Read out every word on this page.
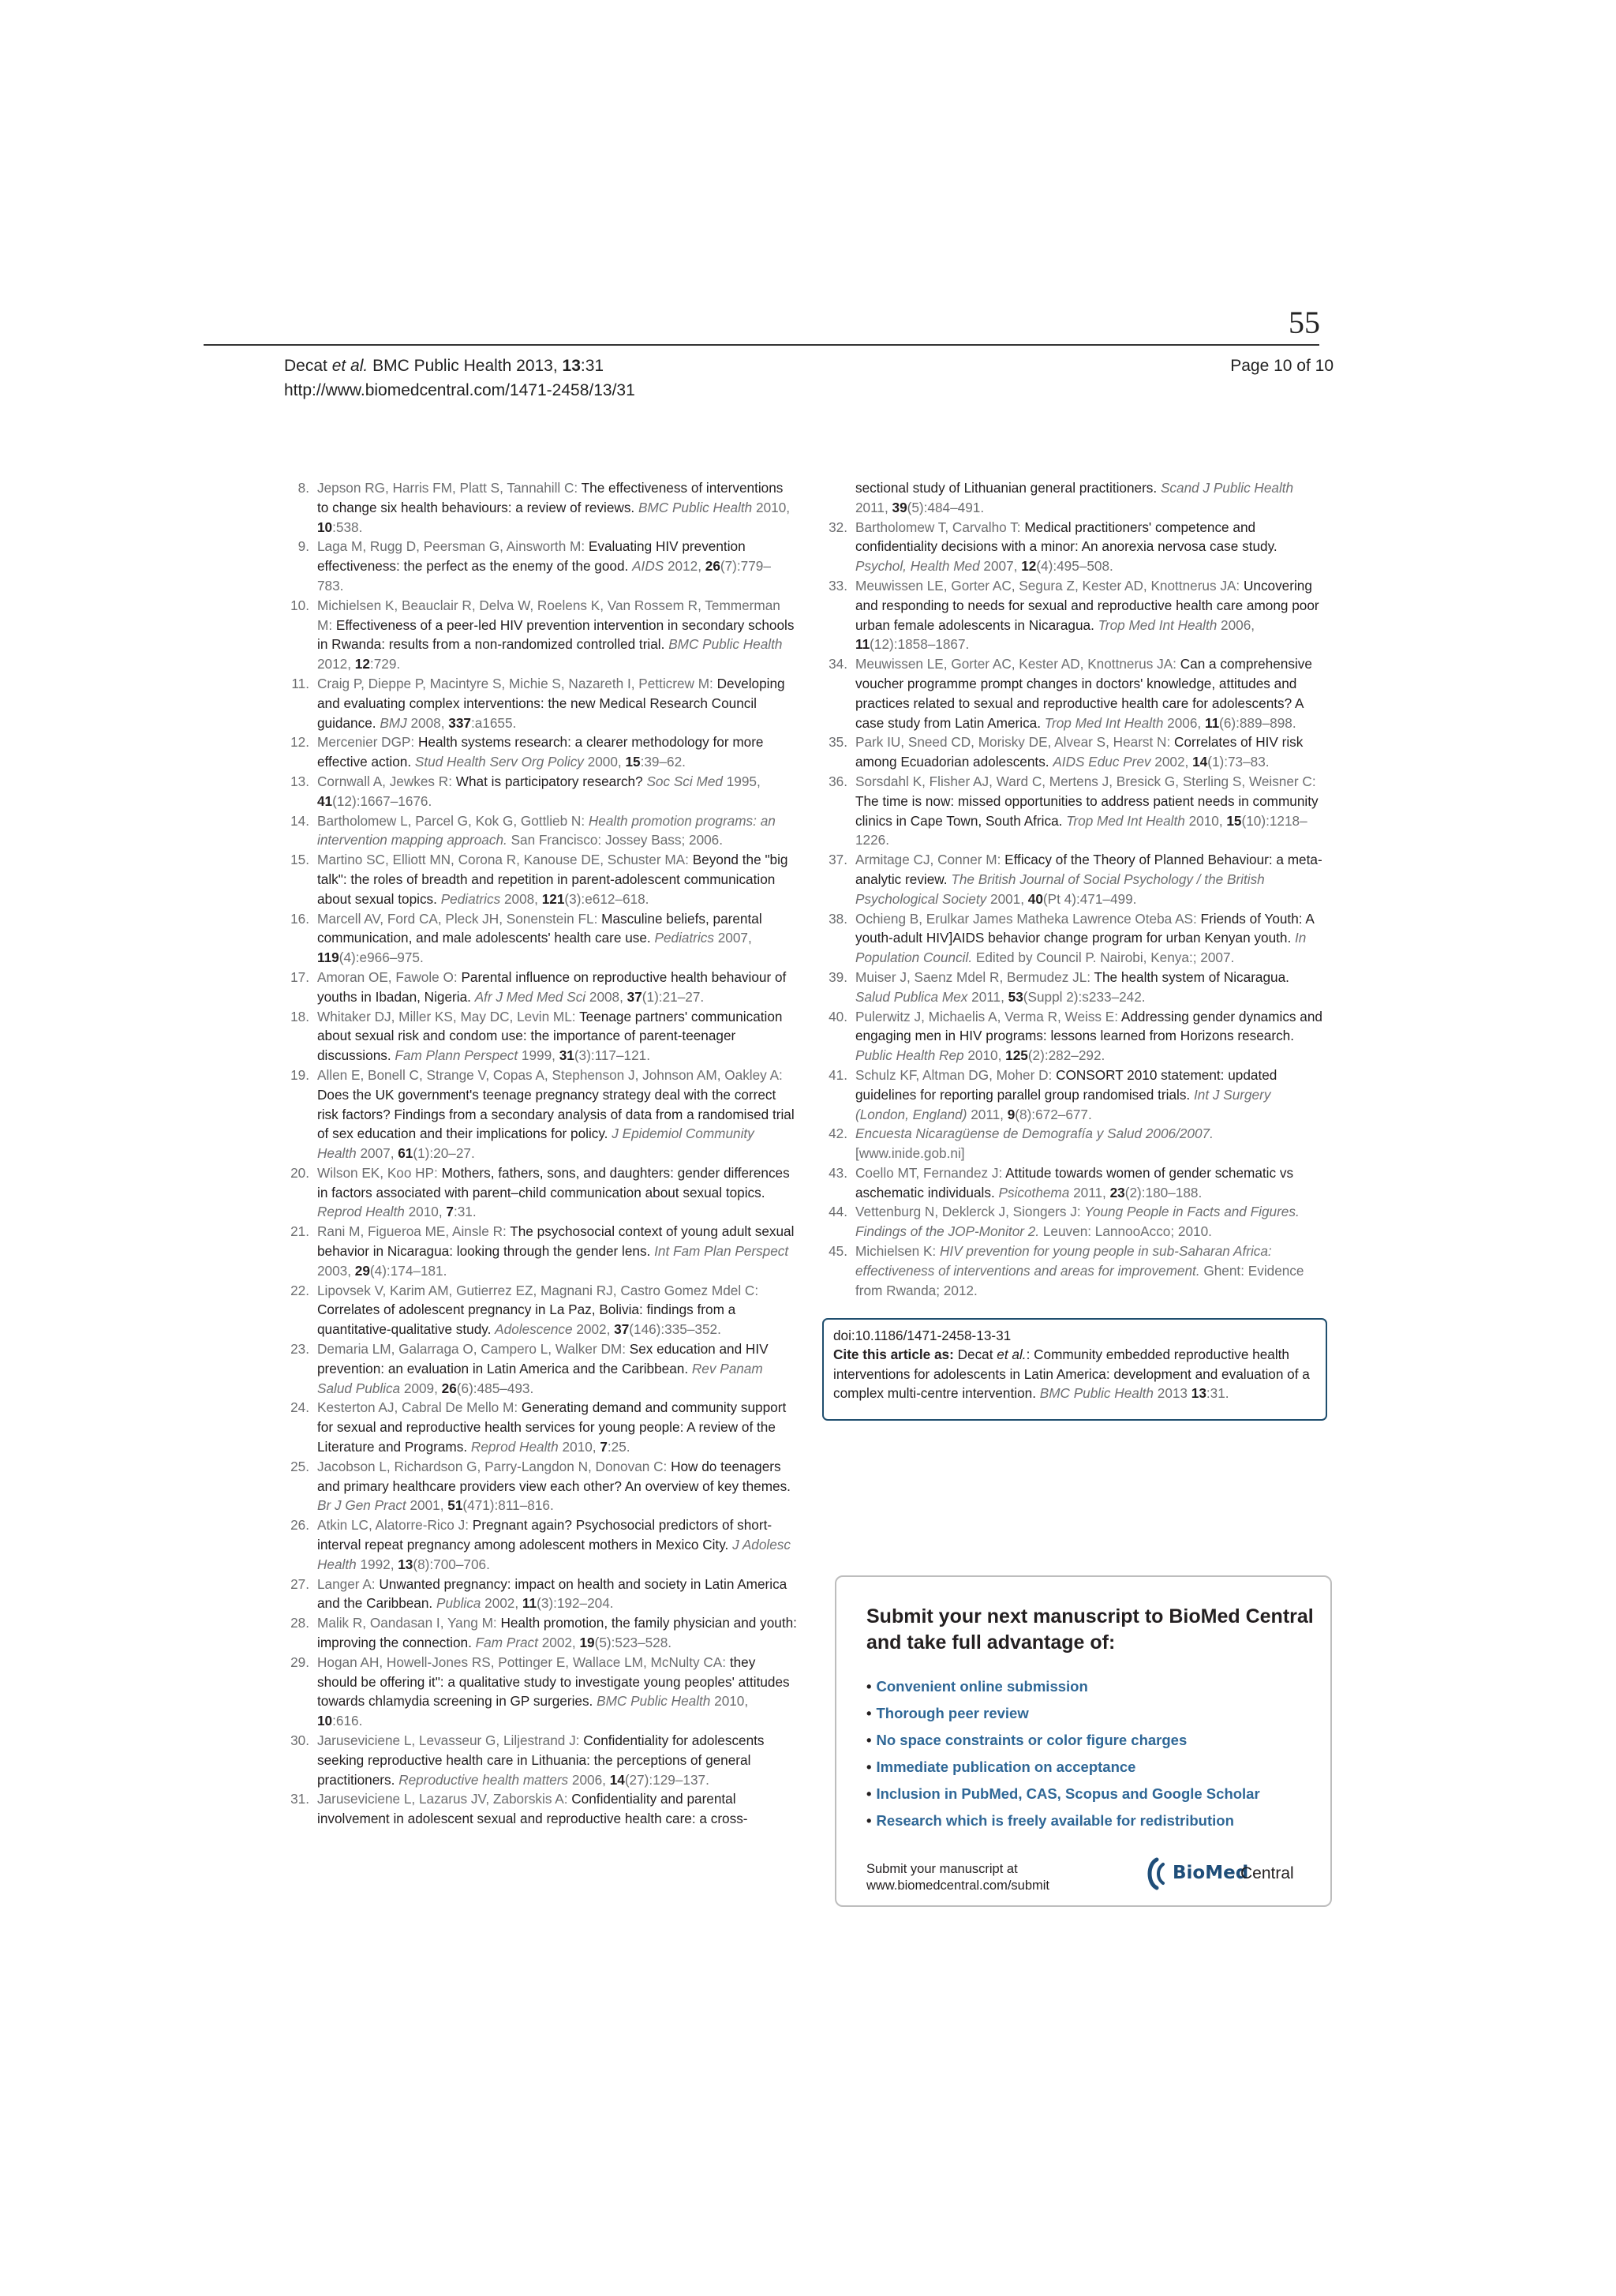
55
Decat et al. BMC Public Health 2013, 13:31	Page 10 of 10
http://www.biomedcentral.com/1471-2458/13/31
8. Jepson RG, Harris FM, Platt S, Tannahill C: The effectiveness of interventions to change six health behaviours: a review of reviews. BMC Public Health 2010, 10:538.
9. Laga M, Rugg D, Peersman G, Ainsworth M: Evaluating HIV prevention effectiveness: the perfect as the enemy of the good. AIDS 2012, 26(7):779–783.
10. Michielsen K, Beauclair R, Delva W, Roelens K, Van Rossem R, Temmerman M: Effectiveness of a peer-led HIV prevention intervention in secondary schools in Rwanda: results from a non-randomized controlled trial. BMC Public Health 2012, 12:729.
11. Craig P, Dieppe P, Macintyre S, Michie S, Nazareth I, Petticrew M: Developing and evaluating complex interventions: the new Medical Research Council guidance. BMJ 2008, 337:a1655.
12. Mercenier DGP: Health systems research: a clearer methodology for more effective action. Stud Health Serv Org Policy 2000, 15:39–62.
13. Cornwall A, Jewkes R: What is participatory research? Soc Sci Med 1995, 41(12):1667–1676.
14. Bartholomew L, Parcel G, Kok G, Gottlieb N: Health promotion programs: an intervention mapping approach. San Francisco: Jossey Bass; 2006.
15. Martino SC, Elliott MN, Corona R, Kanouse DE, Schuster MA: Beyond the "big talk": the roles of breadth and repetition in parent-adolescent communication about sexual topics. Pediatrics 2008, 121(3):e612–618.
16. Marcell AV, Ford CA, Pleck JH, Sonenstein FL: Masculine beliefs, parental communication, and male adolescents' health care use. Pediatrics 2007, 119(4):e966–975.
17. Amoran OE, Fawole O: Parental influence on reproductive health behaviour of youths in Ibadan, Nigeria. Afr J Med Med Sci 2008, 37(1):21–27.
18. Whitaker DJ, Miller KS, May DC, Levin ML: Teenage partners' communication about sexual risk and condom use: the importance of parent-teenager discussions. Fam Plann Perspect 1999, 31(3):117–121.
19. Allen E, Bonell C, Strange V, Copas A, Stephenson J, Johnson AM, Oakley A: Does the UK government's teenage pregnancy strategy deal with the correct risk factors? Findings from a secondary analysis of data from a randomised trial of sex education and their implications for policy. J Epidemiol Community Health 2007, 61(1):20–27.
20. Wilson EK, Koo HP: Mothers, fathers, sons, and daughters: gender differences in factors associated with parent–child communication about sexual topics. Reprod Health 2010, 7:31.
21. Rani M, Figueroa ME, Ainsle R: The psychosocial context of young adult sexual behavior in Nicaragua: looking through the gender lens. Int Fam Plan Perspect 2003, 29(4):174–181.
22. Lipovsek V, Karim AM, Gutierrez EZ, Magnani RJ, Castro Gomez Mdel C: Correlates of adolescent pregnancy in La Paz, Bolivia: findings from a quantitative-qualitative study. Adolescence 2002, 37(146):335–352.
23. Demaria LM, Galarraga O, Campero L, Walker DM: Sex education and HIV prevention: an evaluation in Latin America and the Caribbean. Rev Panam Salud Publica 2009, 26(6):485–493.
24. Kesterton AJ, Cabral De Mello M: Generating demand and community support for sexual and reproductive health services for young people: A review of the Literature and Programs. Reprod Health 2010, 7:25.
25. Jacobson L, Richardson G, Parry-Langdon N, Donovan C: How do teenagers and primary healthcare providers view each other? An overview of key themes. Br J Gen Pract 2001, 51(471):811–816.
26. Atkin LC, Alatorre-Rico J: Pregnant again? Psychosocial predictors of short-interval repeat pregnancy among adolescent mothers in Mexico City. J Adolesc Health 1992, 13(8):700–706.
27. Langer A: Unwanted pregnancy: impact on health and society in Latin America and the Caribbean. Publica 2002, 11(3):192–204.
28. Malik R, Oandasan I, Yang M: Health promotion, the family physician and youth: improving the connection. Fam Pract 2002, 19(5):523–528.
29. Hogan AH, Howell-Jones RS, Pottinger E, Wallace LM, McNulty CA: they should be offering it": a qualitative study to investigate young peoples' attitudes towards chlamydia screening in GP surgeries. BMC Public Health 2010, 10:616.
30. Jaruseviciene L, Levasseur G, Liljestrand J: Confidentiality for adolescents seeking reproductive health care in Lithuania: the perceptions of general practitioners. Reproductive health matters 2006, 14(27):129–137.
31. Jaruseviciene L, Lazarus JV, Zaborskis A: Confidentiality and parental involvement in adolescent sexual and reproductive health care: a cross-
sectional study of Lithuanian general practitioners. Scand J Public Health 2011, 39(5):484–491.
32. Bartholomew T, Carvalho T: Medical practitioners' competence and confidentiality decisions with a minor: An anorexia nervosa case study. Psychol, Health Med 2007, 12(4):495–508.
33. Meuwissen LE, Gorter AC, Segura Z, Kester AD, Knottnerus JA: Uncovering and responding to needs for sexual and reproductive health care among poor urban female adolescents in Nicaragua. Trop Med Int Health 2006, 11(12):1858–1867.
34. Meuwissen LE, Gorter AC, Kester AD, Knottnerus JA: Can a comprehensive voucher programme prompt changes in doctors' knowledge, attitudes and practices related to sexual and reproductive health care for adolescents? A case study from Latin America. Trop Med Int Health 2006, 11(6):889–898.
35. Park IU, Sneed CD, Morisky DE, Alvear S, Hearst N: Correlates of HIV risk among Ecuadorian adolescents. AIDS Educ Prev 2002, 14(1):73–83.
36. Sorsdahl K, Flisher AJ, Ward C, Mertens J, Bresick G, Sterling S, Weisner C: The time is now: missed opportunities to address patient needs in community clinics in Cape Town, South Africa. Trop Med Int Health 2010, 15(10):1218–1226.
37. Armitage CJ, Conner M: Efficacy of the Theory of Planned Behaviour: a meta-analytic review. The British Journal of Social Psychology / the British Psychological Society 2001, 40(Pt 4):471–499.
38. Ochieng B, Erulkar James Matheka Lawrence Oteba AS: Friends of Youth: A youth-adult HIV]AIDS behavior change program for urban Kenyan youth. In Population Council. Edited by Council P. Nairobi, Kenya:; 2007.
39. Muiser J, Saenz Mdel R, Bermudez JL: The health system of Nicaragua. Salud Publica Mex 2011, 53(Suppl 2):s233–242.
40. Pulerwitz J, Michaelis A, Verma R, Weiss E: Addressing gender dynamics and engaging men in HIV programs: lessons learned from Horizons research. Public Health Rep 2010, 125(2):282–292.
41. Schulz KF, Altman DG, Moher D: CONSORT 2010 statement: updated guidelines for reporting parallel group randomised trials. Int J Surgery (London, England) 2011, 9(8):672–677.
42. Encuesta Nicaragüense de Demografía y Salud 2006/2007. [www.inide.gob.ni]
43. Coello MT, Fernandez J: Attitude towards women of gender schematic vs aschematic individuals. Psicothema 2011, 23(2):180–188.
44. Vettenburg N, Deklerck J, Siongers J: Young People in Facts and Figures. Findings of the JOP-Monitor 2. Leuven: LannooAcco; 2010.
45. Michielsen K: HIV prevention for young people in sub-Saharan Africa: effectiveness of interventions and areas for improvement. Ghent: Evidence from Rwanda; 2012.
doi:10.1186/1471-2458-13-31
Cite this article as: Decat et al.: Community embedded reproductive health interventions for adolescents in Latin America: development and evaluation of a complex multi-centre intervention. BMC Public Health 2013 13:31.
Submit your next manuscript to BioMed Central
and take full advantage of:
• Convenient online submission
• Thorough peer review
• No space constraints or color figure charges
• Immediate publication on acceptance
• Inclusion in PubMed, CAS, Scopus and Google Scholar
• Research which is freely available for redistribution
Submit your manuscript at
www.biomedcentral.com/submit
BioMed
Central
